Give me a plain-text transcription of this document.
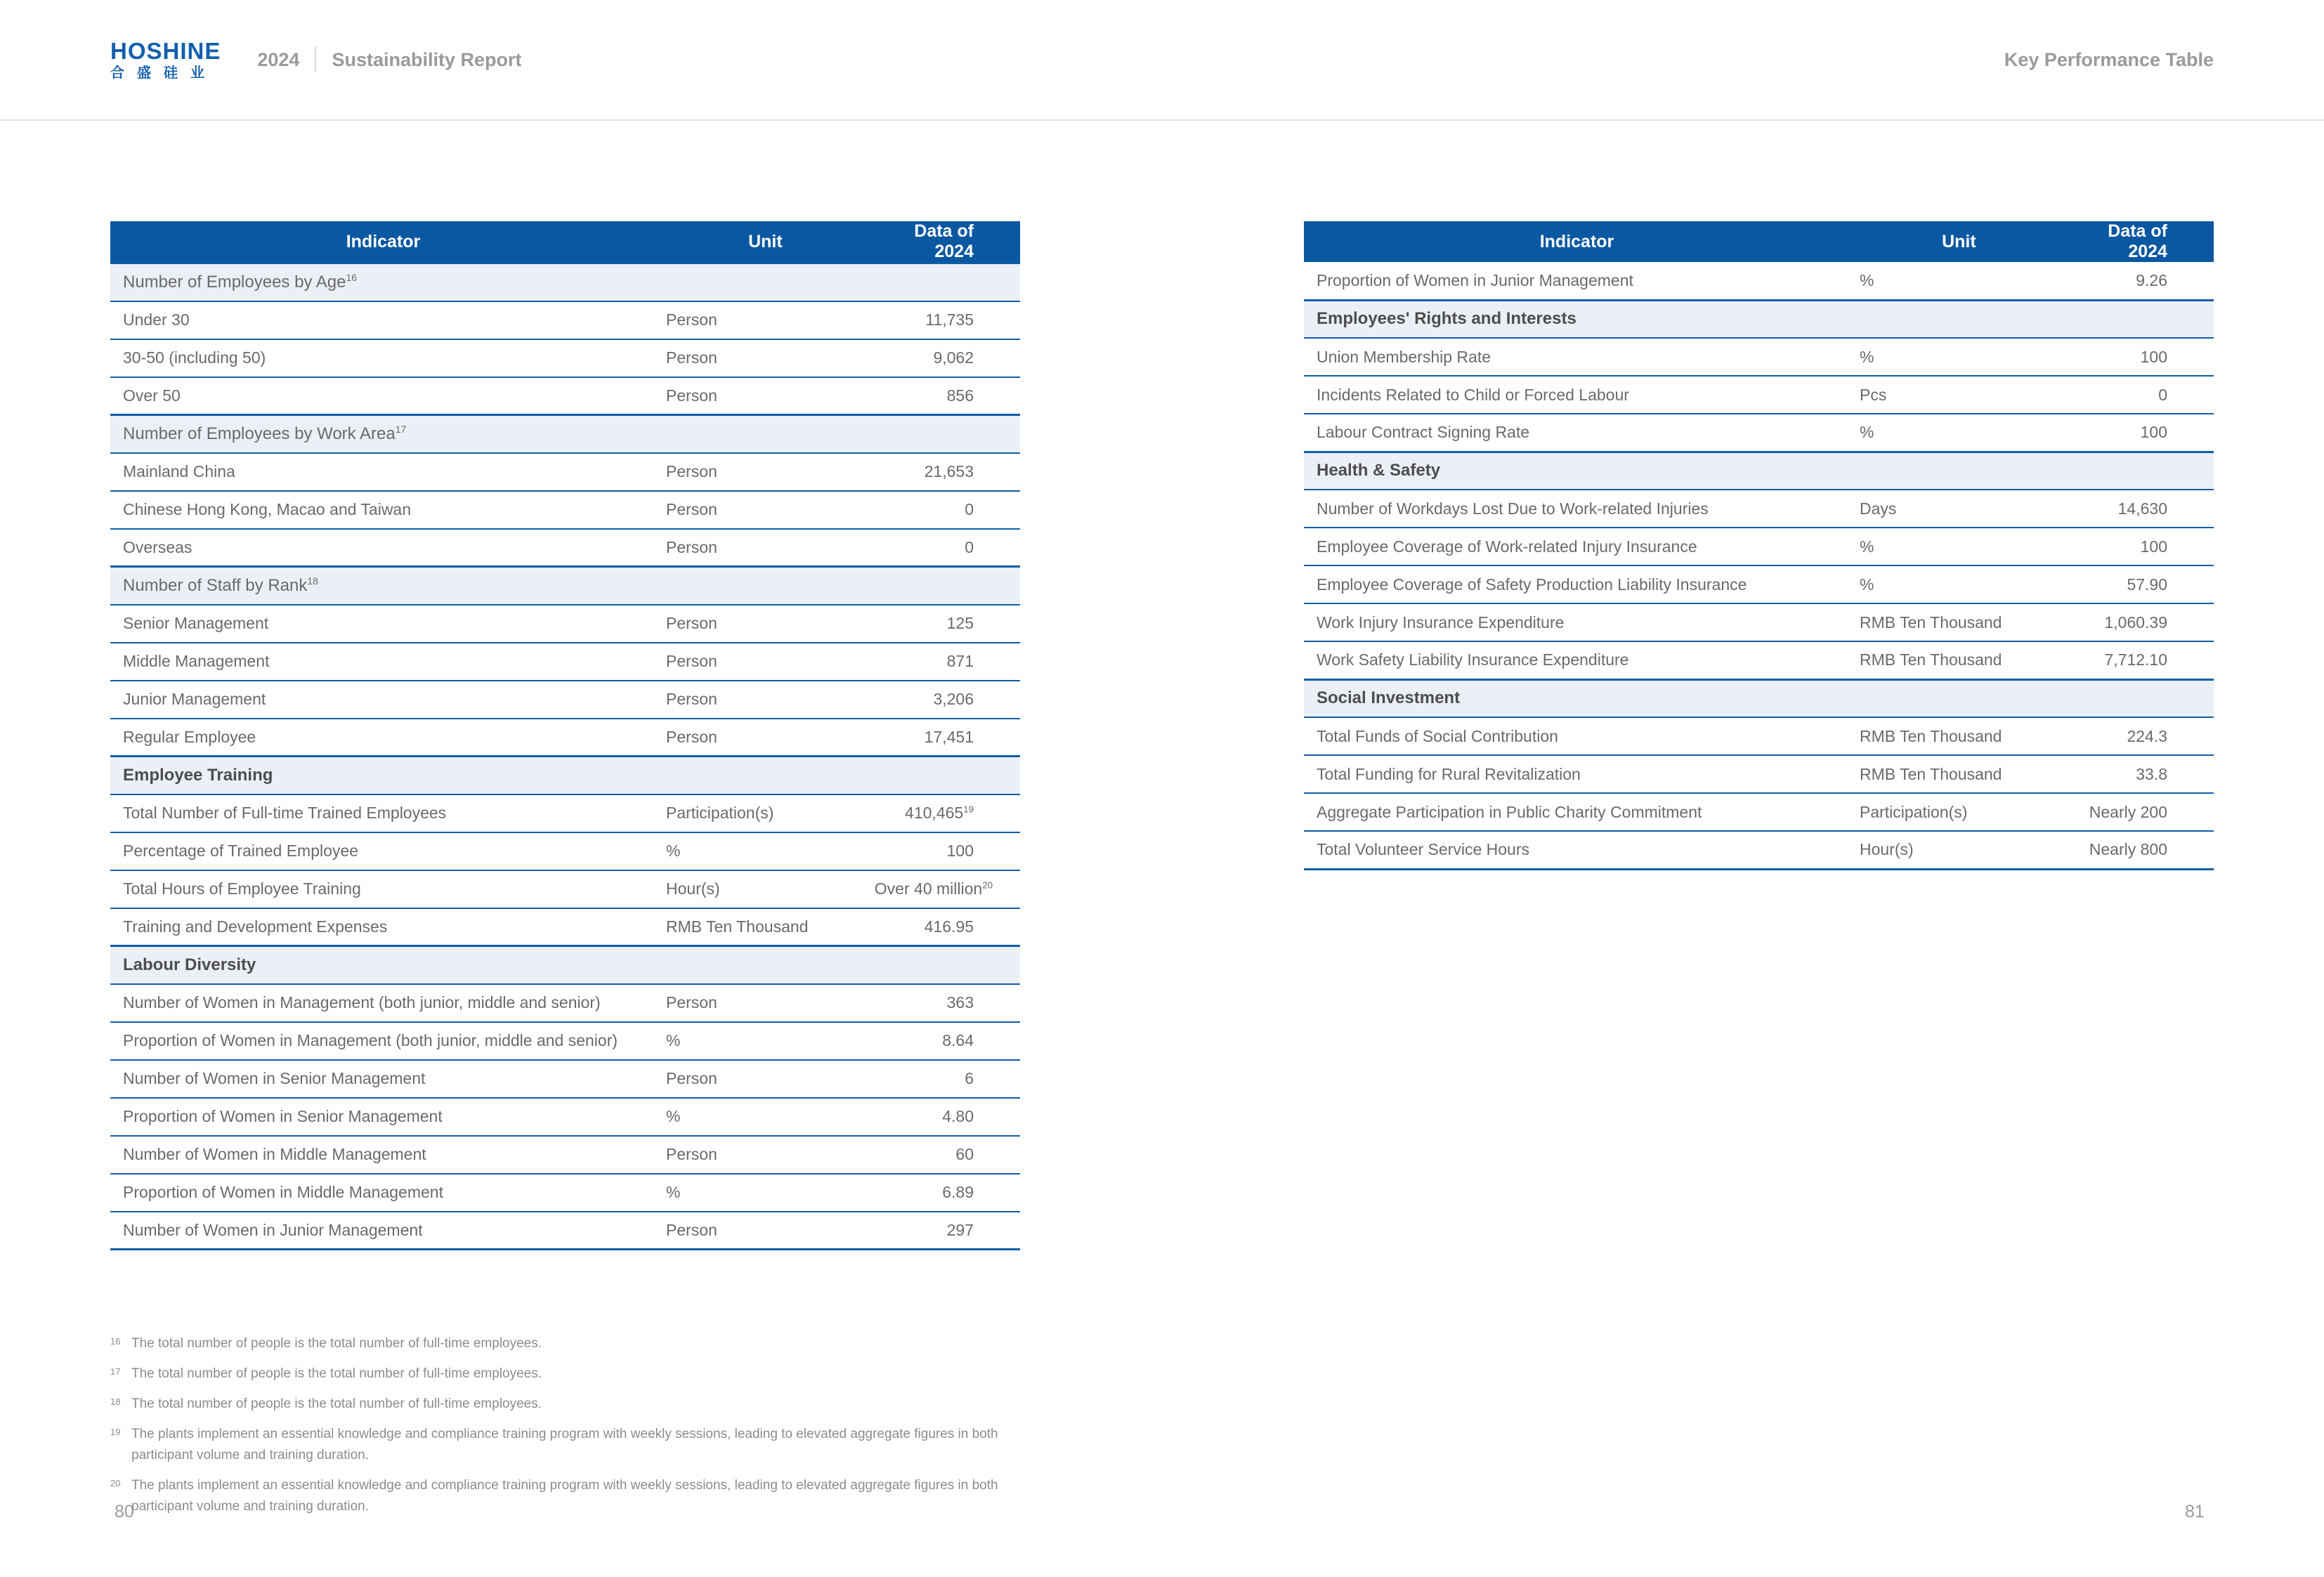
HOSHINE
合盛硅业
2024 Sustainability Report	Key Performance Table
Indicator	Unit	Data of 2024
Number of Employees by Age$^{16}$
Under 30	Person	11,735
30-50 (including 50)	Person	9,062
Over 50	Person	856
Number of Employees by Work Area$^{17}$
Mainland China	Person	21,653
Chinese Hong Kong, Macao and Taiwan	Person	0
Overseas	Person	0
Number of Staff by Rank$^{18}$
Senior Management	Person	125
Middle Management	Person	871
Junior Management	Person	3,206
Regular Employee	Person	17,451
Employee Training		
Total Number of Full-time Trained Employees	Participation(s)	410,465$^{19}$
Percentage of Trained Employee	%	100
Total Hours of Employee Training	Hour(s)	Over 40 million$^{20}$
Training and Development Expenses	RMB Ten Thousand	416.95
Labour Diversity		
Number of Women in Management (both junior, middle and senior)	Person	363
Proportion of Women in Management (both junior, middle and senior)	%	8.64
Number of Women in Senior Management	Person	6
Proportion of Women in Senior Management	%	4.80
Number of Women in Middle Management	Person	60
Proportion of Women in Middle Management	%	6.89
Number of Women in Junior Management	Person	297
Indicator	Unit	Data of 2024
Proportion of Women in Junior Management	%	9.26
Employees' Rights and Interests		
Union Membership Rate	%	100
Incidents Related to Child or Forced Labour	Pcs	0
Labour Contract Signing Rate	%	100
Health & Safety		
Number of Workdays Lost Due to Work-related Injuries	Days	14,630
Employee Coverage of Work-related Injury Insurance	%	100
Employee Coverage of Safety Production Liability Insurance	%	57.90
Work Injury Insurance Expenditure	RMB Ten Thousand	1,060.39
Work Safety Liability Insurance Expenditure	RMB Ten Thousand	7,712.10
Social Investment		
Total Funds of Social Contribution	RMB Ten Thousand	224.3
Total Funding for Rural Revitalization	RMB Ten Thousand	33.8
Aggregate Participation in Public Charity Commitment	Participation(s)	Nearly 200
Total Volunteer Service Hours	Hour(s)	Nearly 800
16 The total number of people is the total number of full-time employees.
17 The total number of people is the total number of full-time employees.
18 The total number of people is the total number of full-time employees.
19 The plants implement an essential knowledge and compliance training program with weekly sessions, leading to elevated aggregate figures in both participant volume and training duration.
20 The plants implement an essential knowledge and compliance training program with weekly sessions, leading to elevated aggregate figures in both participant volume and training duration.
80	81
